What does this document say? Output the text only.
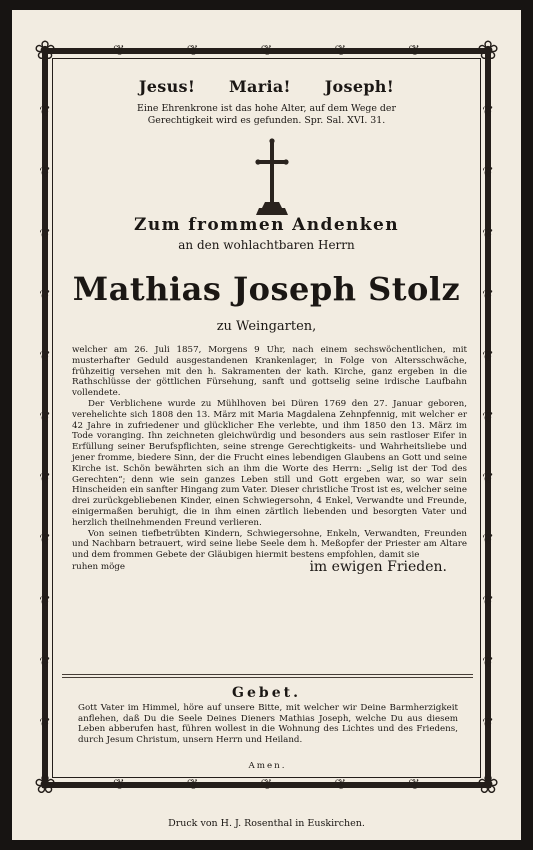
❦
❦
❦
❦
❦
❦
❦
❦
❦
❦
❦	❦
❦	❦
❦	❦
❦	❦
❦	❦
❦	❦
❦	❦
❦	❦
❦	❦
❦	❦
❦	❦
❀	❀
❀	❀
Jesus! Maria! Joseph!
Eine Ehrenkrone ist das hohe Alter, auf dem Wege der
Gerechtigkeit wird es gefunden. Spr. Sal. XVI. 31.
Zum frommen Andenken
an den wohlachtbaren Herrn
Mathias Joseph Stolz
zu Weingarten,

welcher am 26. Juli 1857, Morgens 9 Uhr, nach einem sechswöchentlichen, mit musterhafter Geduld ausgestandenen Krankenlager, in Folge von Altersschwäche, frühzeitig versehen mit den h. Sakramenten der kath. Kirche, ganz ergeben in die Rathschlüsse der göttlichen Fürsehung, sanft und gottselig seine irdische Laufbahn vollendete.

Der Verblichene wurde zu Mühlhoven bei Düren 1769 den 27. Januar geboren, verehelichte sich 1808 den 13. März mit Maria Magdalena Zehnpfennig, mit welcher er 42 Jahre in zufriedener und glücklicher Ehe verlebte, und ihm 1850 den 13. März im Tode voranging. Ihn zeichneten gleichwürdig und besonders aus sein rastloser Eifer in Erfüllung seiner Berufspflichten, seine strenge Gerechtigkeits- und Wahrheitsliebe und jener fromme, biedere Sinn, der die Frucht eines lebendigen Glaubens an Gott und seine Kirche ist. Schön bewährten sich an ihm die Worte des Herrn: „Selig ist der Tod des Gerechten“; denn wie sein ganzes Leben still und Gott ergeben war, so war sein Hinscheiden ein sanfter Hingang zum Vater. Dieser christliche Trost ist es, welcher seine drei zurückgebliebenen Kinder, einen Schwiegersohn, 4 Enkel, Verwandte und Freunde, einigermaßen beruhigt, die in ihm einen zärtlich liebenden und besorgten Vater und herzlich theilnehmenden Freund verlieren.

Von seinen tiefbetrübten Kindern, Schwiegersohne, Enkeln, Verwandten, Freunden und Nachbarn betrauert, wird seine liebe Seele dem h. Meßopfer der Priester am Altare und dem frommen Gebete der Gläubigen hiermit bestens empfohlen, damit sie

ruhen möge	im ewigen Frieden.
Gebet.
Gott Vater im Himmel, höre auf unsere Bitte, mit welcher wir Deine Barmherzigkeit anflehen, daß Du die Seele Deines Dieners Mathias Joseph, welche Du aus diesem Leben abberufen hast, führen wollest in die Wohnung des Lichtes und des Friedens, durch Jesum Christum, unsern Herrn und Heiland.
Amen.
Druck von H. J. Rosenthal in Euskirchen.
